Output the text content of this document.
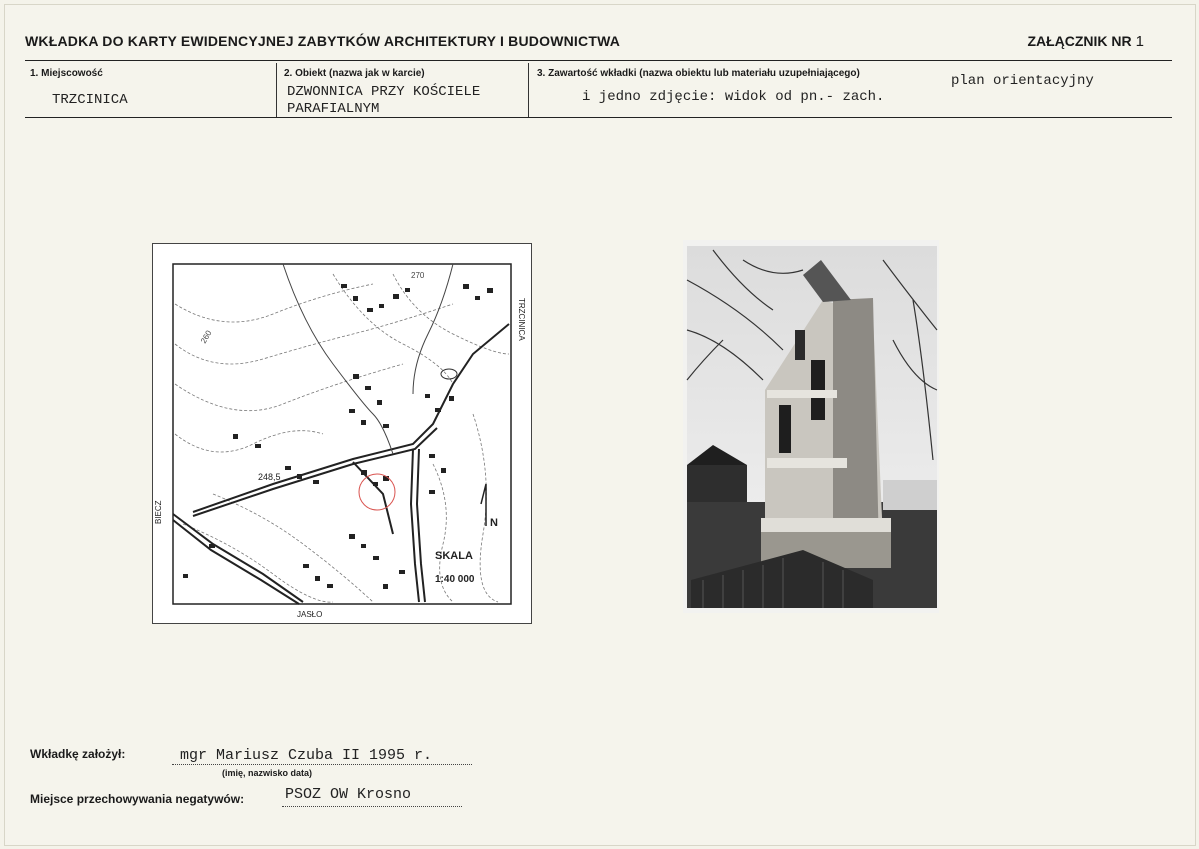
WKŁADKA DO KARTY EWIDENCYJNEJ ZABYTKÓW ARCHITEKTURY I BUDOWNICTWA	ZAŁĄCZNIK NR 1
1. Miejscowość
TRZCINICA
2. Obiekt (nazwa jak w karcie)
DZWONNICA PRZY KOŚCIELE
PARAFIALNYM
3. Zawartość wkładki (nazwa obiektu lub materiału uzupełniającego)	plan orientacyjny
i jedno zdjęcie: widok od pn.- zach.
N
SKALA
1:40 000
248,5
260
270
TRZCINICA
BIECZ
JASŁO
Wkładkę założył:	mgr Mariusz Czuba II 1995 r.
(imię, nazwisko data)
Miejsce przechowywania negatywów:	PSOZ OW Krosno
